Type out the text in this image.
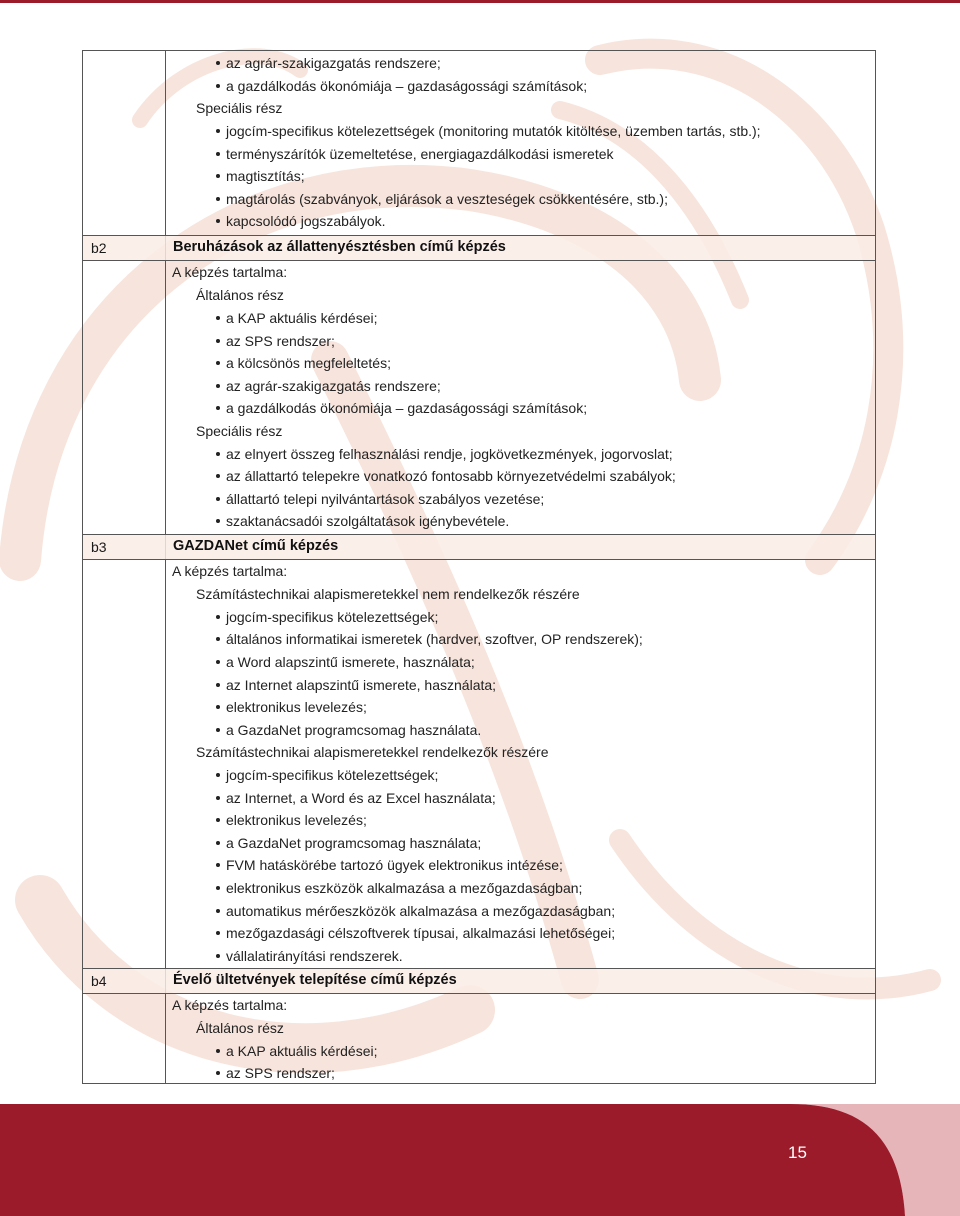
az agrár-szakigazgatás rendszere;
a gazdálkodás ökonómiája – gazdaságossági számítások;
Speciális rész
jogcím-specifikus kötelezettségek (monitoring mutatók kitöltése, üzemben tartás, stb.);
terményszárítók üzemeltetése, energiagazdálkodási ismeretek
magtisztítás;
magtárolás (szabványok, eljárások a veszteségek csökkentésére, stb.);
kapcsolódó jogszabályok.
b2	Beruházások az állattenyésztésben című képzés
A képzés tartalma:
Általános rész
a KAP aktuális kérdései;
az SPS rendszer;
a kölcsönös megfeleltetés;
az agrár-szakigazgatás rendszere;
a gazdálkodás ökonómiája – gazdaságossági számítások;
Speciális rész
az elnyert összeg felhasználási rendje, jogkövetkezmények, jogorvoslat;
az állattartó telepekre vonatkozó fontosabb környezetvédelmi szabályok;
állattartó telepi nyilvántartások szabályos vezetése;
szaktanácsadói szolgáltatások igénybevétele.
b3	GAZDANet című képzés
A képzés tartalma:
Számítástechnikai alapismeretekkel nem rendelkezők részére
jogcím-specifikus kötelezettségek;
általános informatikai ismeretek (hardver, szoftver, OP rendszerek);
a Word alapszintű ismerete, használata;
az Internet alapszintű ismerete, használata;
elektronikus levelezés;
a GazdaNet programcsomag használata.
Számítástechnikai alapismeretekkel rendelkezők részére
jogcím-specifikus kötelezettségek;
az Internet, a Word és az Excel használata;
elektronikus levelezés;
a GazdaNet programcsomag használata;
FVM hatáskörébe tartozó ügyek elektronikus intézése;
elektronikus eszközök alkalmazása a mezőgazdaságban;
automatikus mérőeszközök alkalmazása a mezőgazdaságban;
mezőgazdasági célszoftverek típusai, alkalmazási lehetőségei;
vállalatirányítási rendszerek.
b4	Évelő ültetvények telepítése című képzés
A képzés tartalma:
Általános rész
a KAP aktuális kérdései;
az SPS rendszer;
15
